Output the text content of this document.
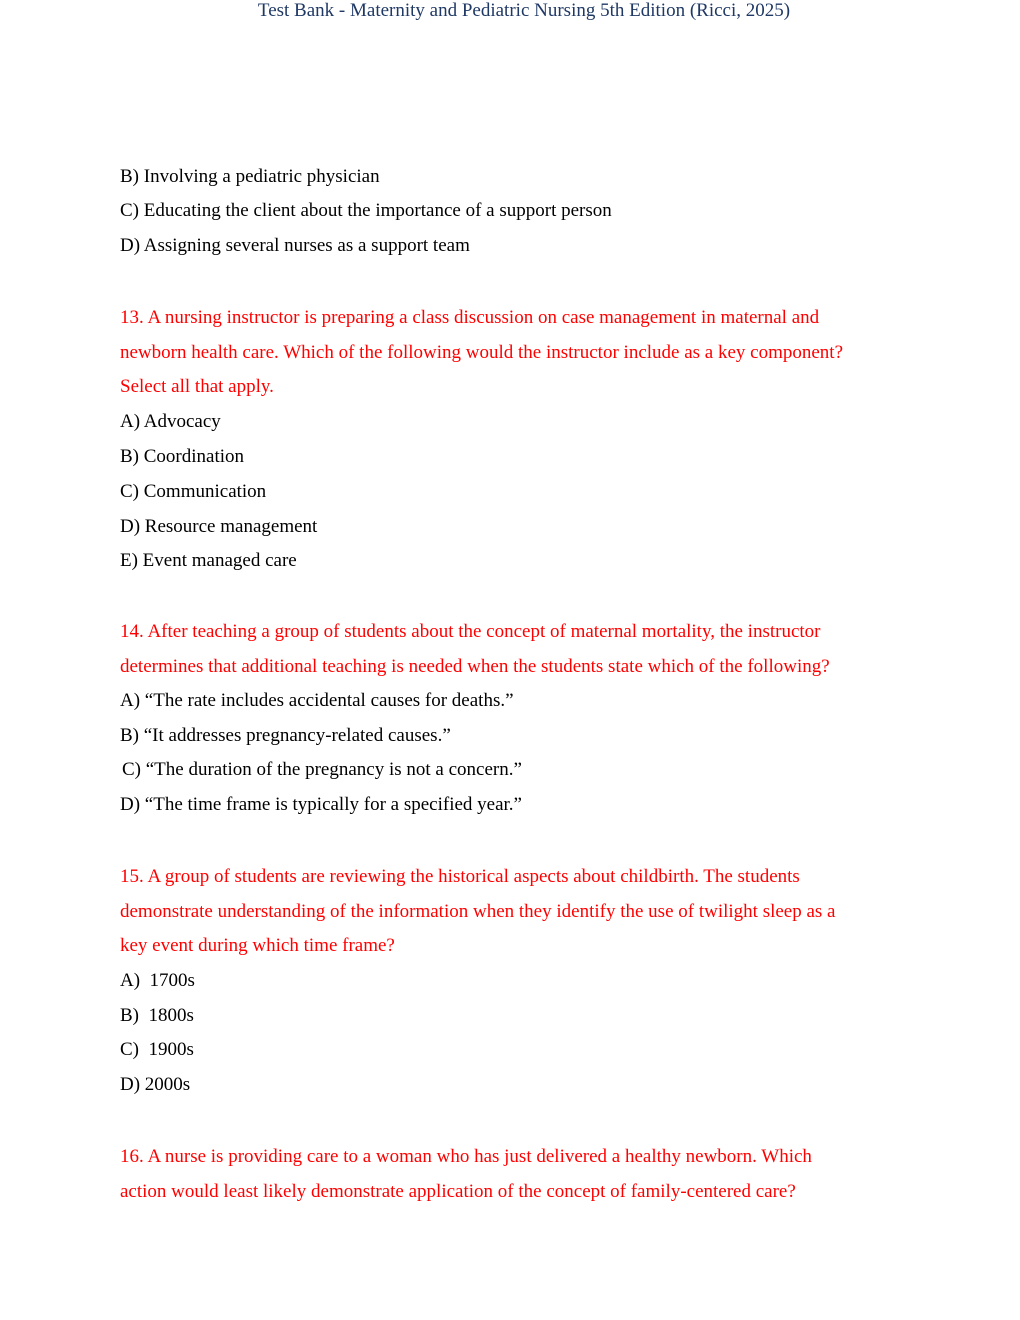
Test Bank - Maternity and Pediatric Nursing 5th Edition (Ricci, 2025)
B) Involving a pediatric physician
C) Educating the client about the importance of a support person
D) Assigning several nurses as a support team
13. A nursing instructor is preparing a class discussion on case management in maternal and
newborn health care. Which of the following would the instructor include as a key component?
Select all that apply.
A) Advocacy
B) Coordination
C) Communication
D) Resource management
E) Event managed care
14. After teaching a group of students about the concept of maternal mortality, the instructor
determines that additional teaching is needed when the students state which of the following?
A) “The rate includes accidental causes for deaths.”
B) “It addresses pregnancy-related causes.”
C) “The duration of the pregnancy is not a concern.”
D) “The time frame is typically for a specified year.”
15. A group of students are reviewing the historical aspects about childbirth. The students
demonstrate understanding of the information when they identify the use of twilight sleep as a
key event during which time frame?
A)  1700s
B)  1800s
C)  1900s
D) 2000s
16. A nurse is providing care to a woman who has just delivered a healthy newborn. Which
action would least likely demonstrate application of the concept of family-centered care?
